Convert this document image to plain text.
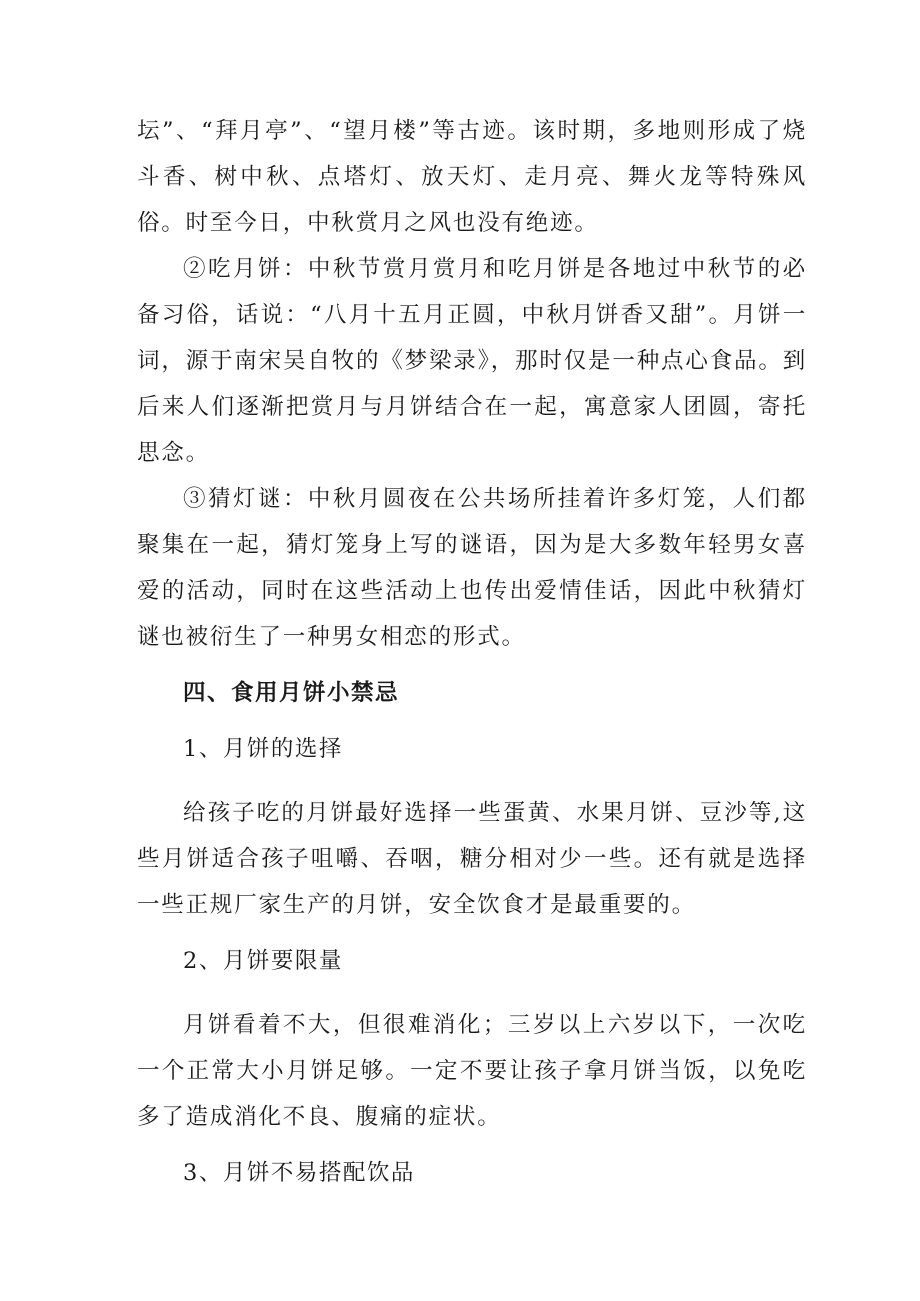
坛”、“拜月亭”、“望月楼”等古迹。该时期，多地则形成了烧斗香、树中秋、点塔灯、放天灯、走月亮、舞火龙等特殊风俗。时至今日，中秋赏月之风也没有绝迹。

②吃月饼：中秋节赏月赏月和吃月饼是各地过中秋节的必备习俗，话说：“八月十五月正圆，中秋月饼香又甜”。月饼一词，源于南宋吴自牧的《梦梁录》，那时仅是一种点心食品。到后来人们逐渐把赏月与月饼结合在一起，寓意家人团圆，寄托思念。

③猜灯谜：中秋月圆夜在公共场所挂着许多灯笼，人们都聚集在一起，猜灯笼身上写的谜语，因为是大多数年轻男女喜爱的活动，同时在这些活动上也传出爱情佳话，因此中秋猜灯谜也被衍生了一种男女相恋的形式。

四、食用月饼小禁忌
1、月饼的选择

给孩子吃的月饼最好选择一些蛋黄、水果月饼、豆沙等,这些月饼适合孩子咀嚼、吞咽，糖分相对少一些。还有就是选择一些正规厂家生产的月饼，安全饮食才是最重要的。

2、月饼要限量

月饼看着不大，但很难消化；三岁以上六岁以下，一次吃一个正常大小月饼足够。一定不要让孩子拿月饼当饭，以免吃多了造成消化不良、腹痛的症状。

3、月饼不易搭配饮品
